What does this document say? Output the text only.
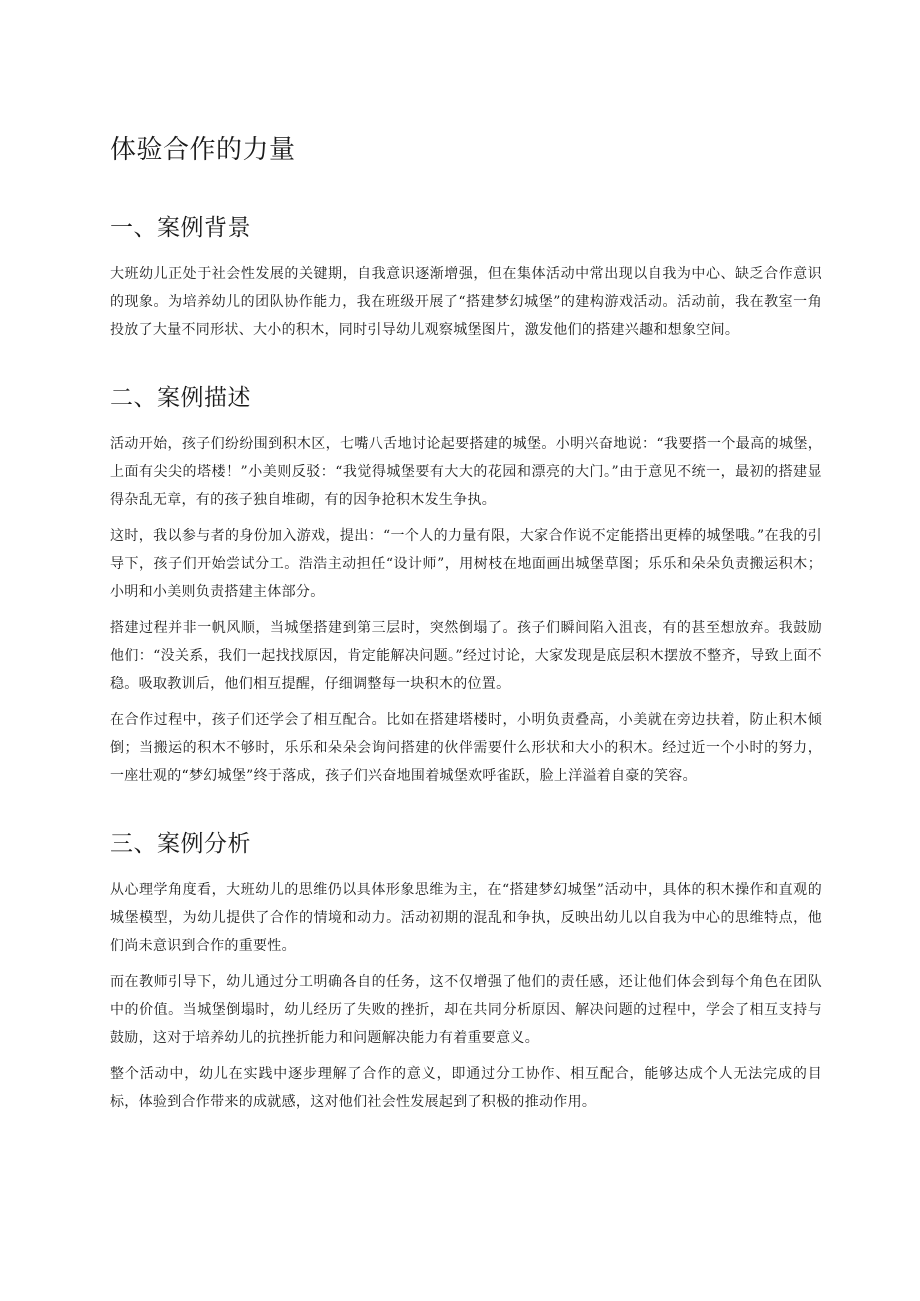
体验合作的力量
一、案例背景

大班幼儿正处于社会性发展的关键期，自我意识逐渐增强，但在集体活动中常出现以自我为中心、缺乏合作意识的现象。为培养幼儿的团队协作能力，我在班级开展了“搭建梦幻城堡”的建构游戏活动。活动前，我在教室一角投放了大量不同形状、大小的积木，同时引导幼儿观察城堡图片，激发他们的搭建兴趣和想象空间。

二、案例描述

活动开始，孩子们纷纷围到积木区，七嘴八舌地讨论起要搭建的城堡。小明兴奋地说：“我要搭一个最高的城堡，上面有尖尖的塔楼！”小美则反驳：“我觉得城堡要有大大的花园和漂亮的大门。”由于意见不统一，最初的搭建显得杂乱无章，有的孩子独自堆砌，有的因争抢积木发生争执。

这时，我以参与者的身份加入游戏，提出：“一个人的力量有限，大家合作说不定能搭出更棒的城堡哦。”在我的引导下，孩子们开始尝试分工。浩浩主动担任“设计师”，用树枝在地面画出城堡草图；乐乐和朵朵负责搬运积木；小明和小美则负责搭建主体部分。

搭建过程并非一帆风顺，当城堡搭建到第三层时，突然倒塌了。孩子们瞬间陷入沮丧，有的甚至想放弃。我鼓励他们：“没关系，我们一起找找原因，肯定能解决问题。”经过讨论，大家发现是底层积木摆放不整齐，导致上面不稳。吸取教训后，他们相互提醒，仔细调整每一块积木的位置。

在合作过程中，孩子们还学会了相互配合。比如在搭建塔楼时，小明负责叠高，小美就在旁边扶着，防止积木倾倒；当搬运的积木不够时，乐乐和朵朵会询问搭建的伙伴需要什么形状和大小的积木。经过近一个小时的努力，一座壮观的“梦幻城堡”终于落成，孩子们兴奋地围着城堡欢呼雀跃，脸上洋溢着自豪的笑容。

三、案例分析

从心理学角度看，大班幼儿的思维仍以具体形象思维为主，在“搭建梦幻城堡”活动中，具体的积木操作和直观的城堡模型，为幼儿提供了合作的情境和动力。活动初期的混乱和争执，反映出幼儿以自我为中心的思维特点，他们尚未意识到合作的重要性。

而在教师引导下，幼儿通过分工明确各自的任务，这不仅增强了他们的责任感，还让他们体会到每个角色在团队中的价值。当城堡倒塌时，幼儿经历了失败的挫折，却在共同分析原因、解决问题的过程中，学会了相互支持与鼓励，这对于培养幼儿的抗挫折能力和问题解决能力有着重要意义。

整个活动中，幼儿在实践中逐步理解了合作的意义，即通过分工协作、相互配合，能够达成个人无法完成的目标，体验到合作带来的成就感，这对他们社会性发展起到了积极的推动作用。
